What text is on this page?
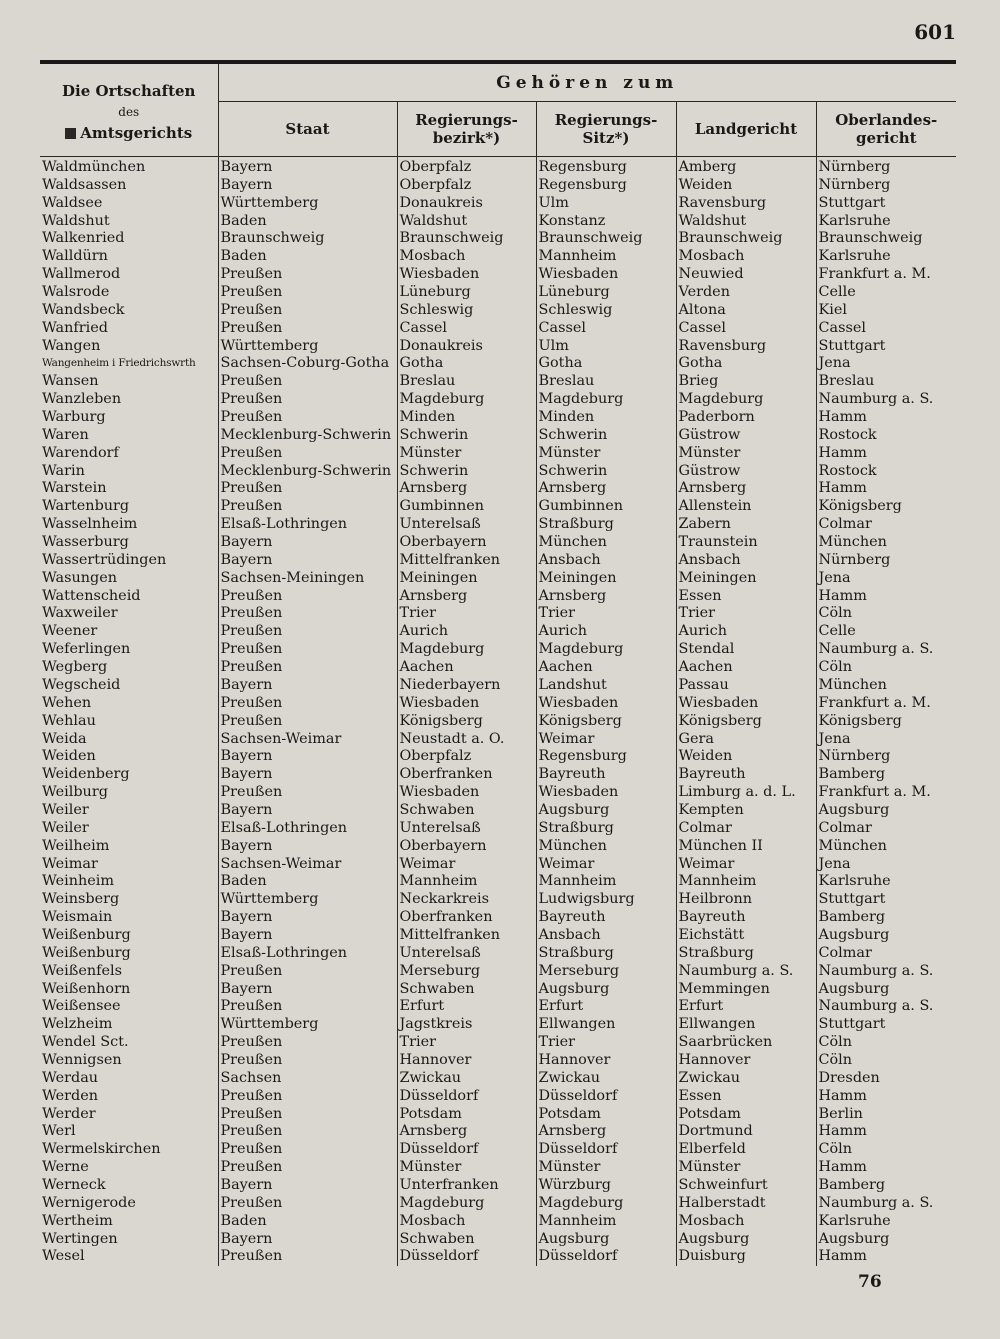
601
Die Ortschaften
des
Amtsgerichts	Gehören zum				
	Staat	Regierungs-bezirk*)	Regierungs-Sitz*)	Landgericht	Oberlandes-gericht
Waldmünchen	Bayern	Oberpfalz	Regensburg	Amberg	Nürnberg
Waldsassen	Bayern	Oberpfalz	Regensburg	Weiden	Nürnberg
Waldsee	Württemberg	Donaukreis	Ulm	Ravensburg	Stuttgart
Waldshut	Baden	Waldshut	Konstanz	Waldshut	Karlsruhe
Walkenried	Braunschweig	Braunschweig	Braunschweig	Braunschweig	Braunschweig
Walldürn	Baden	Mosbach	Mannheim	Mosbach	Karlsruhe
Wallmerod	Preußen	Wiesbaden	Wiesbaden	Neuwied	Frankfurt a. M.
Walsrode	Preußen	Lüneburg	Lüneburg	Verden	Celle
Wandsbeck	Preußen	Schleswig	Schleswig	Altona	Kiel
Wanfried	Preußen	Cassel	Cassel	Cassel	Cassel
Wangen	Württemberg	Donaukreis	Ulm	Ravensburg	Stuttgart
Wangenheim i Friedrichswrth	Sachsen-Coburg-Gotha	Gotha	Gotha	Gotha	Jena
Wansen	Preußen	Breslau	Breslau	Brieg	Breslau
Wanzleben	Preußen	Magdeburg	Magdeburg	Magdeburg	Naumburg a. S.
Warburg	Preußen	Minden	Minden	Paderborn	Hamm
Waren	Mecklenburg-Schwerin	Schwerin	Schwerin	Güstrow	Rostock
Warendorf	Preußen	Münster	Münster	Münster	Hamm
Warin	Mecklenburg-Schwerin	Schwerin	Schwerin	Güstrow	Rostock
Warstein	Preußen	Arnsberg	Arnsberg	Arnsberg	Hamm
Wartenburg	Preußen	Gumbinnen	Gumbinnen	Allenstein	Königsberg
Wasselnheim	Elsaß-Lothringen	Unterelsaß	Straßburg	Zabern	Colmar
Wasserburg	Bayern	Oberbayern	München	Traunstein	München
Wassertrüdingen	Bayern	Mittelfranken	Ansbach	Ansbach	Nürnberg
Wasungen	Sachsen-Meiningen	Meiningen	Meiningen	Meiningen	Jena
Wattenscheid	Preußen	Arnsberg	Arnsberg	Essen	Hamm
Waxweiler	Preußen	Trier	Trier	Trier	Cöln
Weener	Preußen	Aurich	Aurich	Aurich	Celle
Weferlingen	Preußen	Magdeburg	Magdeburg	Stendal	Naumburg a. S.
Wegberg	Preußen	Aachen	Aachen	Aachen	Cöln
Wegscheid	Bayern	Niederbayern	Landshut	Passau	München
Wehen	Preußen	Wiesbaden	Wiesbaden	Wiesbaden	Frankfurt a. M.
Wehlau	Preußen	Königsberg	Königsberg	Königsberg	Königsberg
Weida	Sachsen-Weimar	Neustadt a. O.	Weimar	Gera	Jena
Weiden	Bayern	Oberpfalz	Regensburg	Weiden	Nürnberg
Weidenberg	Bayern	Oberfranken	Bayreuth	Bayreuth	Bamberg
Weilburg	Preußen	Wiesbaden	Wiesbaden	Limburg a. d. L.	Frankfurt a. M.
Weiler	Bayern	Schwaben	Augsburg	Kempten	Augsburg
Weiler	Elsaß-Lothringen	Unterelsaß	Straßburg	Colmar	Colmar
Weilheim	Bayern	Oberbayern	München	München II	München
Weimar	Sachsen-Weimar	Weimar	Weimar	Weimar	Jena
Weinheim	Baden	Mannheim	Mannheim	Mannheim	Karlsruhe
Weinsberg	Württemberg	Neckarkreis	Ludwigsburg	Heilbronn	Stuttgart
Weismain	Bayern	Oberfranken	Bayreuth	Bayreuth	Bamberg
Weißenburg	Bayern	Mittelfranken	Ansbach	Eichstätt	Augsburg
Weißenburg	Elsaß-Lothringen	Unterelsaß	Straßburg	Straßburg	Colmar
Weißenfels	Preußen	Merseburg	Merseburg	Naumburg a. S.	Naumburg a. S.
Weißenhorn	Bayern	Schwaben	Augsburg	Memmingen	Augsburg
Weißensee	Preußen	Erfurt	Erfurt	Erfurt	Naumburg a. S.
Welzheim	Württemberg	Jagstkreis	Ellwangen	Ellwangen	Stuttgart
Wendel Sct.	Preußen	Trier	Trier	Saarbrücken	Cöln
Wennigsen	Preußen	Hannover	Hannover	Hannover	Cöln
Werdau	Sachsen	Zwickau	Zwickau	Zwickau	Dresden
Werden	Preußen	Düsseldorf	Düsseldorf	Essen	Hamm
Werder	Preußen	Potsdam	Potsdam	Potsdam	Berlin
Werl	Preußen	Arnsberg	Arnsberg	Dortmund	Hamm
Wermelskirchen	Preußen	Düsseldorf	Düsseldorf	Elberfeld	Cöln
Werne	Preußen	Münster	Münster	Münster	Hamm
Werneck	Bayern	Unterfranken	Würzburg	Schweinfurt	Bamberg
Wernigerode	Preußen	Magdeburg	Magdeburg	Halberstadt	Naumburg a. S.
Wertheim	Baden	Mosbach	Mannheim	Mosbach	Karlsruhe
Wertingen	Bayern	Schwaben	Augsburg	Augsburg	Augsburg
Wesel	Preußen	Düsseldorf	Düsseldorf	Duisburg	Hamm
76
